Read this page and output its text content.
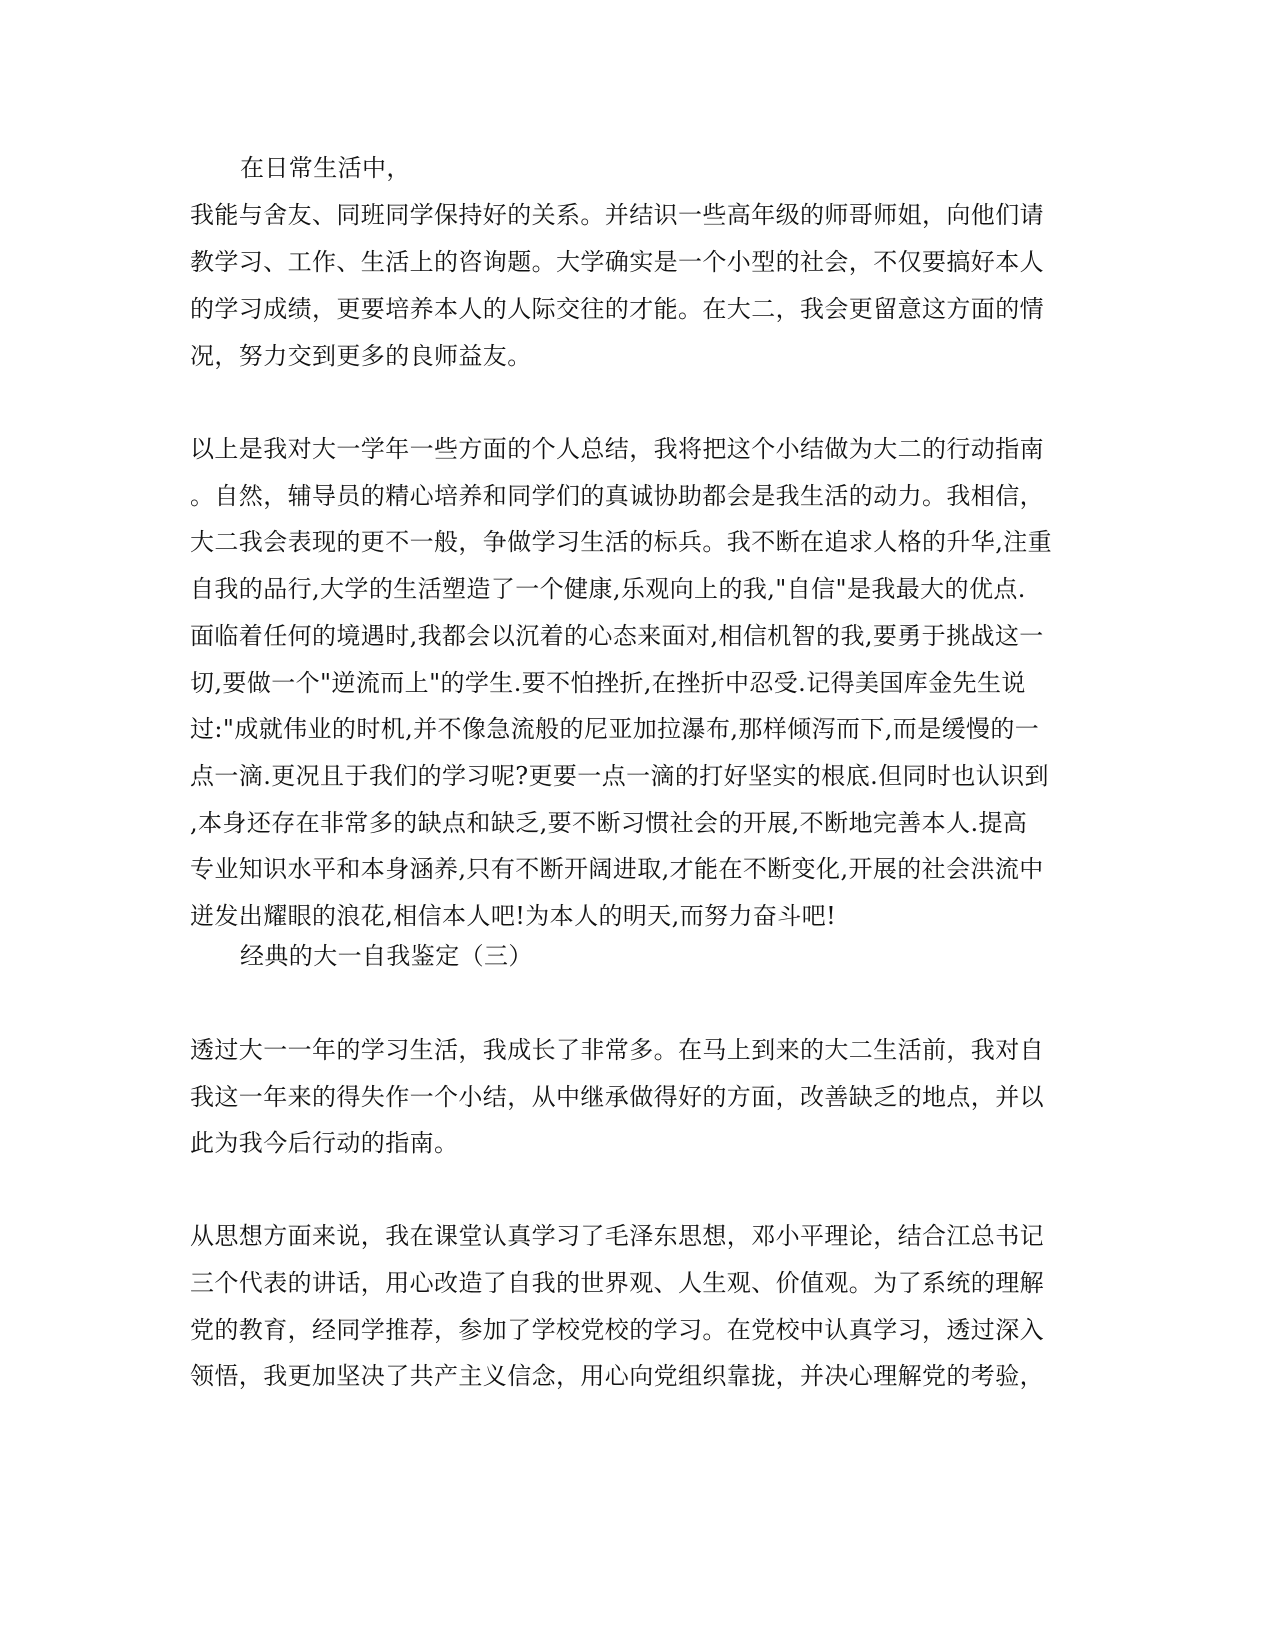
在日常生活中，
我能与舍友、同班同学保持好的关系。并结识一些高年级的师哥师姐，向他们请
教学习、工作、生活上的咨询题。大学确实是一个小型的社会，不仅要搞好本人
的学习成绩，更要培养本人的人际交往的才能。在大二，我会更留意这方面的情
况，努力交到更多的良师益友。
以上是我对大一学年一些方面的个人总结，我将把这个小结做为大二的行动指南
。自然，辅导员的精心培养和同学们的真诚协助都会是我生活的动力。我相信，
大二我会表现的更不一般，争做学习生活的标兵。我不断在追求人格的升华,注重
自我的品行,大学的生活塑造了一个健康,乐观向上的我,"自信"是我最大的优点.
面临着任何的境遇时,我都会以沉着的心态来面对,相信机智的我,要勇于挑战这一
切,要做一个"逆流而上"的学生.要不怕挫折,在挫折中忍受.记得美国库金先生说
过:"成就伟业的时机,并不像急流般的尼亚加拉瀑布,那样倾泻而下,而是缓慢的一
点一滴.更况且于我们的学习呢?更要一点一滴的打好坚实的根底.但同时也认识到
,本身还存在非常多的缺点和缺乏,要不断习惯社会的开展,不断地完善本人.提高
专业知识水平和本身涵养,只有不断开阔进取,才能在不断变化,开展的社会洪流中
迸发出耀眼的浪花,相信本人吧!为本人的明天,而努力奋斗吧!
经典的大一自我鉴定（三）
透过大一一年的学习生活，我成长了非常多。在马上到来的大二生活前，我对自
我这一年来的得失作一个小结，从中继承做得好的方面，改善缺乏的地点，并以
此为我今后行动的指南。
从思想方面来说，我在课堂认真学习了毛泽东思想，邓小平理论，结合江总书记
三个代表的讲话，用心改造了自我的世界观、人生观、价值观。为了系统的理解
党的教育，经同学推荐，参加了学校党校的学习。在党校中认真学习，透过深入
领悟，我更加坚决了共产主义信念，用心向党组织靠拢，并决心理解党的考验，
